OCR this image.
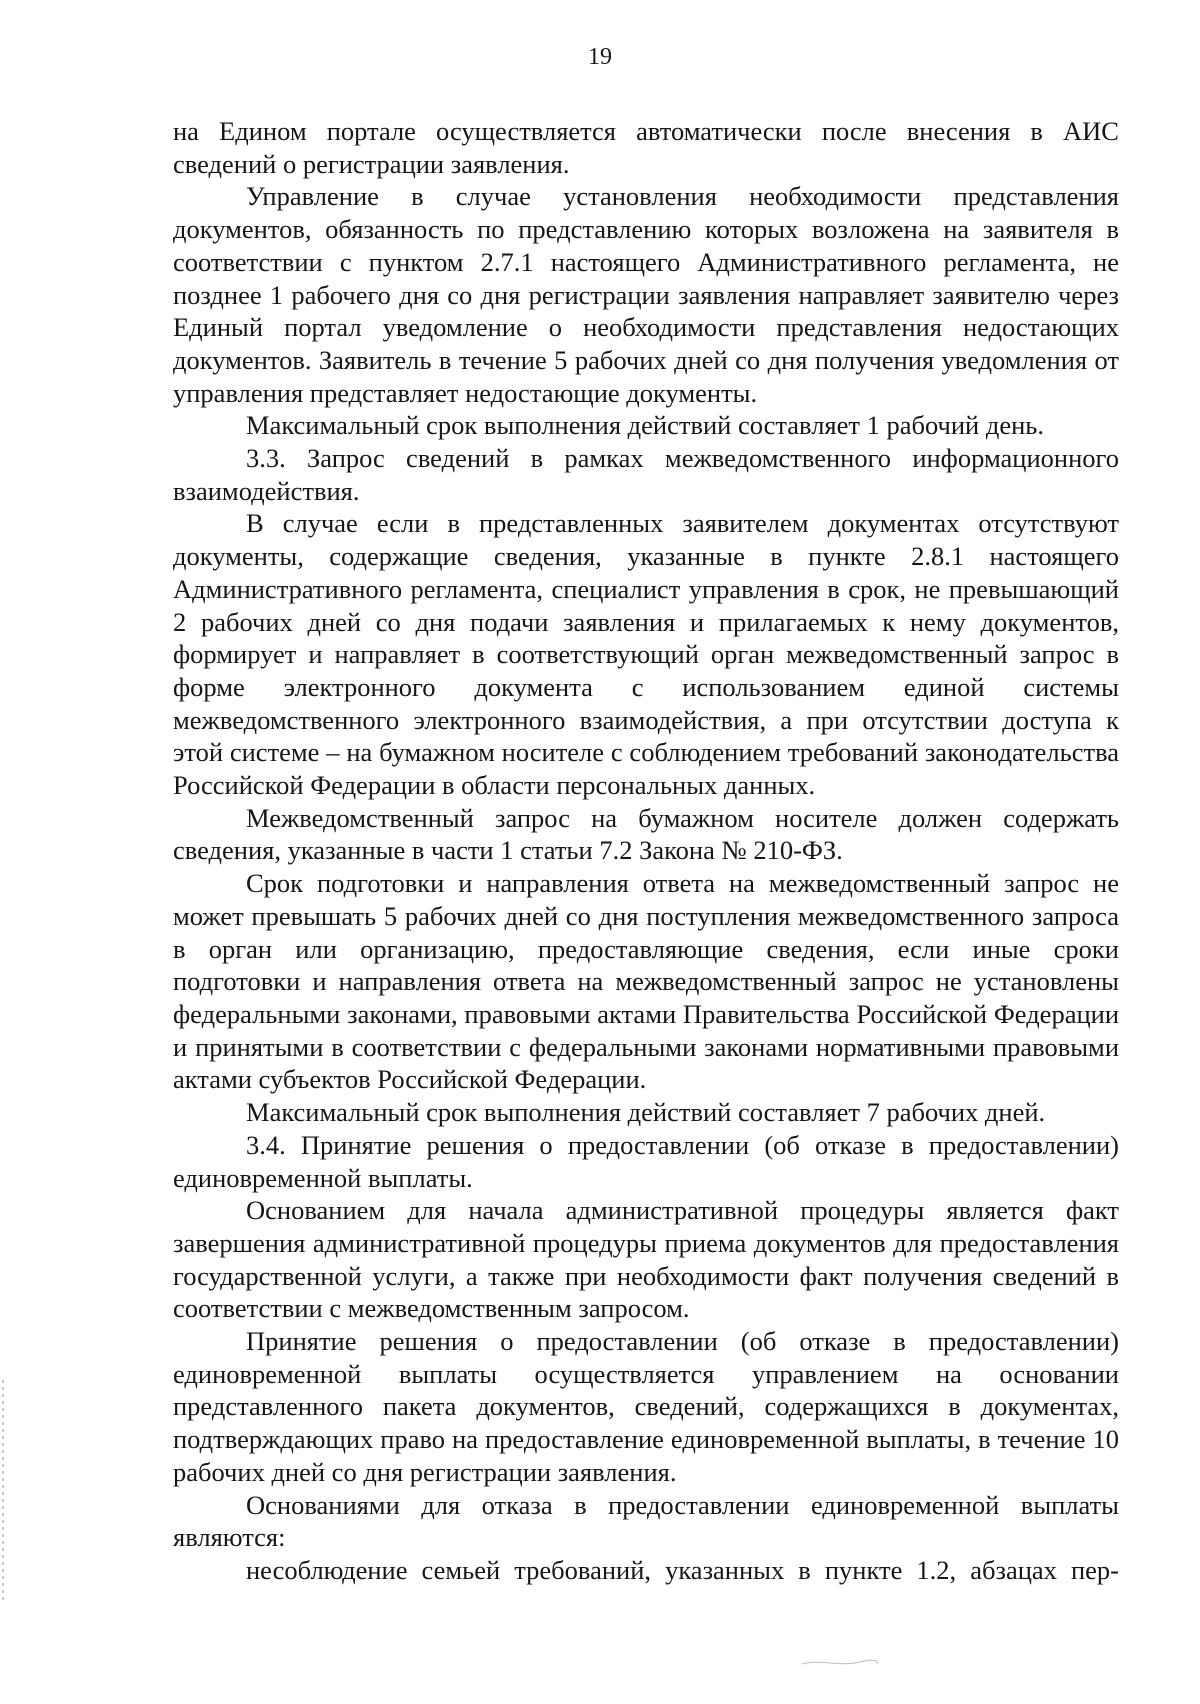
19

на Едином портале осуществляется автоматически после внесения в АИС сведений о регистрации заявления.

Управление в случае установления необходимости представления документов, обязанность по представлению которых возложена на заявителя в соответствии с пунктом 2.7.1 настоящего Административного регламента, не позднее 1 рабочего дня со дня регистрации заявления направляет заявителю через Единый портал уведомление о необходимости представления недостающих документов. Заявитель в течение 5 рабочих дней со дня получения уведомления от управления представляет недостающие документы.

Максимальный срок выполнения действий составляет 1 рабочий день.

3.3. Запрос сведений в рамках межведомственного информационного взаимодействия.

В случае если в представленных заявителем документах отсутствуют документы, содержащие сведения, указанные в пункте 2.8.1 настоящего Административного регламента, специалист управления в срок, не превышающий 2 рабочих дней со дня подачи заявления и прилагаемых к нему документов, формирует и направляет в соответствующий орган межведомственный запрос в форме электронного документа с использованием единой системы межведомственного электронного взаимодействия, а при отсутствии доступа к этой системе – на бумажном носителе с соблюдением требований законодательства Российской Федерации в области персональных данных.

Межведомственный запрос на бумажном носителе должен содержать сведения, указанные в части 1 статьи 7.2 Закона № 210-ФЗ.

Срок подготовки и направления ответа на межведомственный запрос не может превышать 5 рабочих дней со дня поступления межведомственного запроса в орган или организацию, предоставляющие сведения, если иные сроки подготовки и направления ответа на межведомственный запрос не установлены федеральными законами, правовыми актами Правительства Российской Федерации и принятыми в соответствии с федеральными законами нормативными правовыми актами субъектов Российской Федерации.

Максимальный срок выполнения действий составляет 7 рабочих дней.

3.4. Принятие решения о предоставлении (об отказе в предоставлении) единовременной выплаты.

Основанием для начала административной процедуры является факт завершения административной процедуры приема документов для предоставления государственной услуги, а также при необходимости факт получения сведений в соответствии с межведомственным запросом.

Принятие решения о предоставлении (об отказе в предоставлении) единовременной выплаты осуществляется управлением на основании представленного пакета документов, сведений, содержащихся в документах, подтверждающих право на предоставление единовременной выплаты, в течение 10 рабочих дней со дня регистрации заявления.

Основаниями для отказа в предоставлении единовременной выплаты являются:

несоблюдение семьей требований, указанных в пункте 1.2, абзацах пер-
